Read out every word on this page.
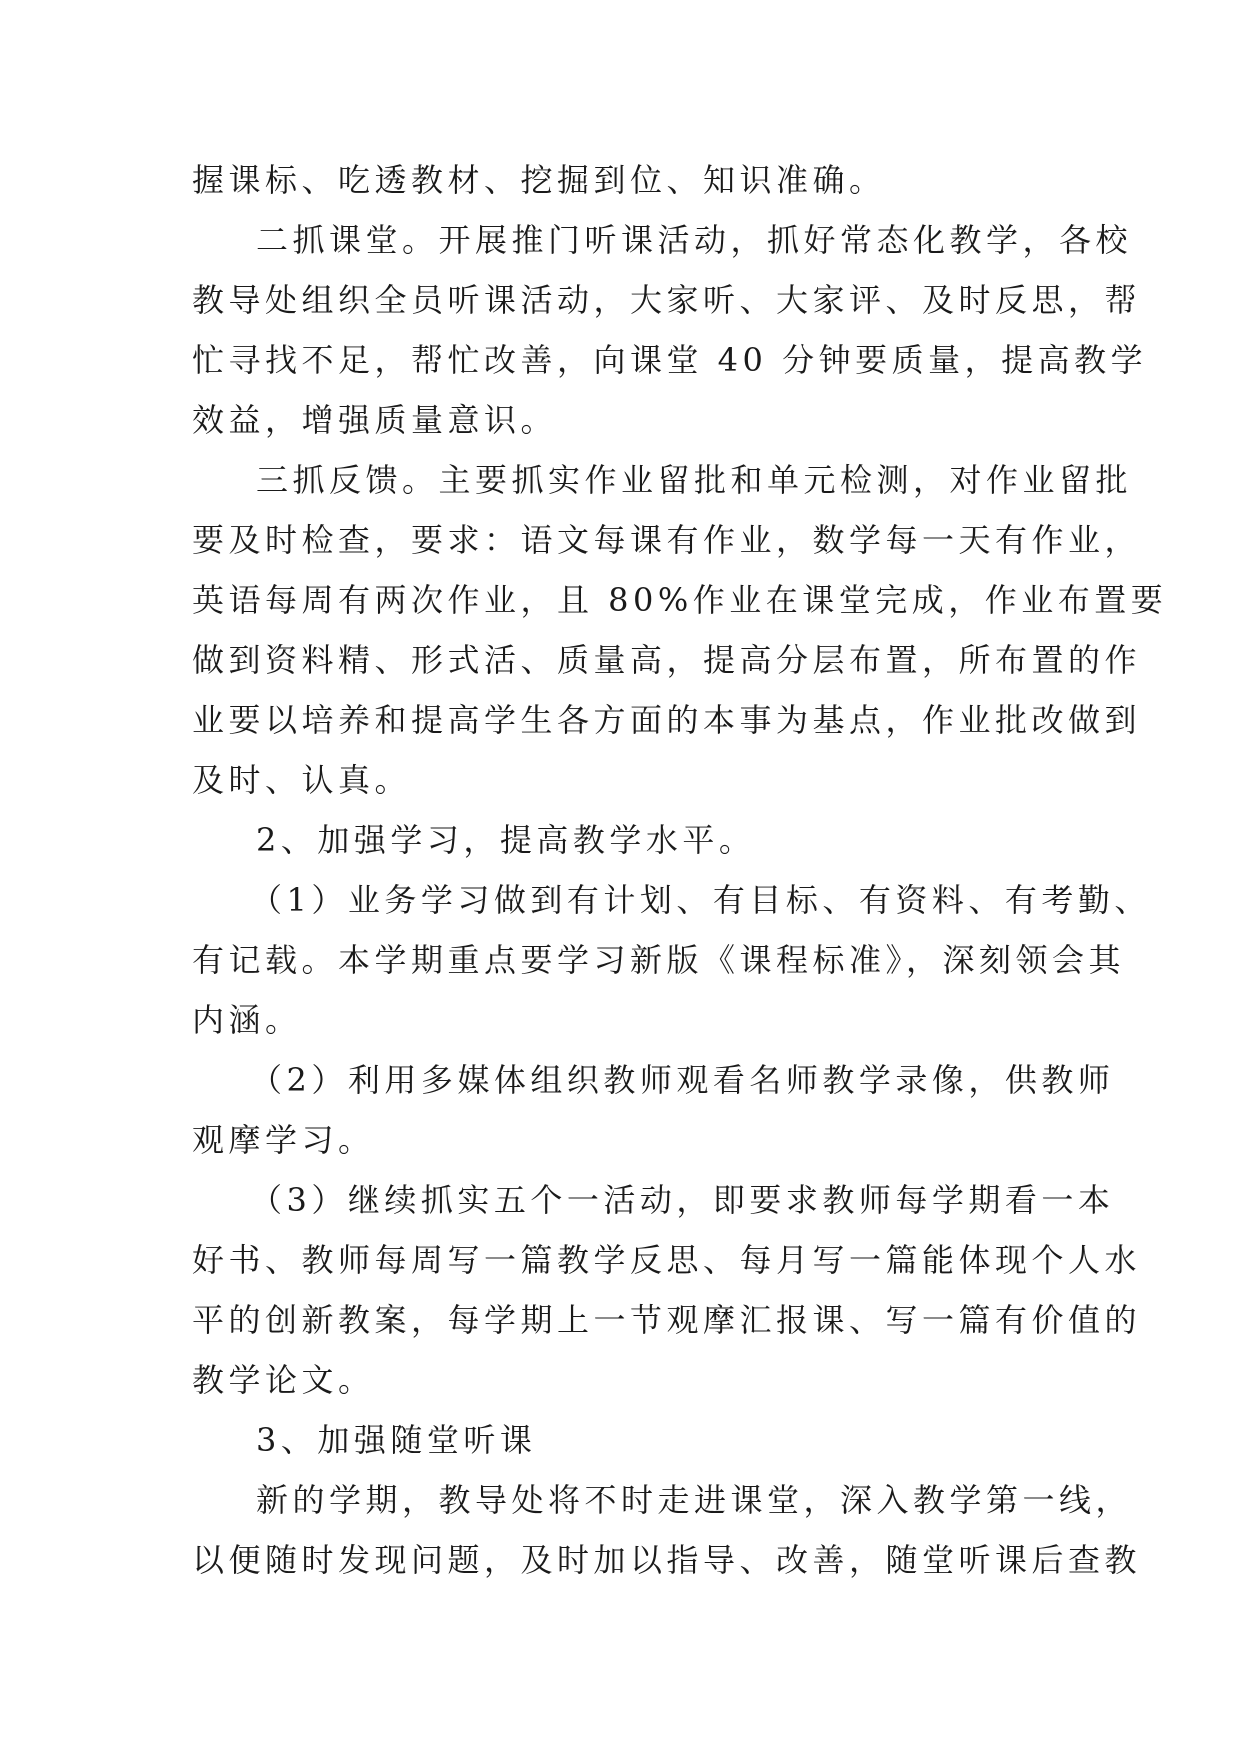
握课标、吃透教材、挖掘到位、知识准确。
二抓课堂。开展推门听课活动，抓好常态化教学，各校
教导处组织全员听课活动，大家听、大家评、及时反思，帮
忙寻找不足，帮忙改善，向课堂 40 分钟要质量，提高教学
效益，增强质量意识。
三抓反馈。主要抓实作业留批和单元检测，对作业留批
要及时检查，要求：语文每课有作业，数学每一天有作业，
英语每周有两次作业，且 80%作业在课堂完成，作业布置要
做到资料精、形式活、质量高，提高分层布置，所布置的作
业要以培养和提高学生各方面的本事为基点，作业批改做到
及时、认真。
2、加强学习，提高教学水平。
（1）业务学习做到有计划、有目标、有资料、有考勤、
有记载。本学期重点要学习新版《课程标准》，深刻领会其
内涵。
（2）利用多媒体组织教师观看名师教学录像，供教师
观摩学习。
（3）继续抓实五个一活动，即要求教师每学期看一本
好书、教师每周写一篇教学反思、每月写一篇能体现个人水
平的创新教案，每学期上一节观摩汇报课、写一篇有价值的
教学论文。
3、加强随堂听课
新的学期，教导处将不时走进课堂，深入教学第一线，
以便随时发现问题，及时加以指导、改善，随堂听课后查教
